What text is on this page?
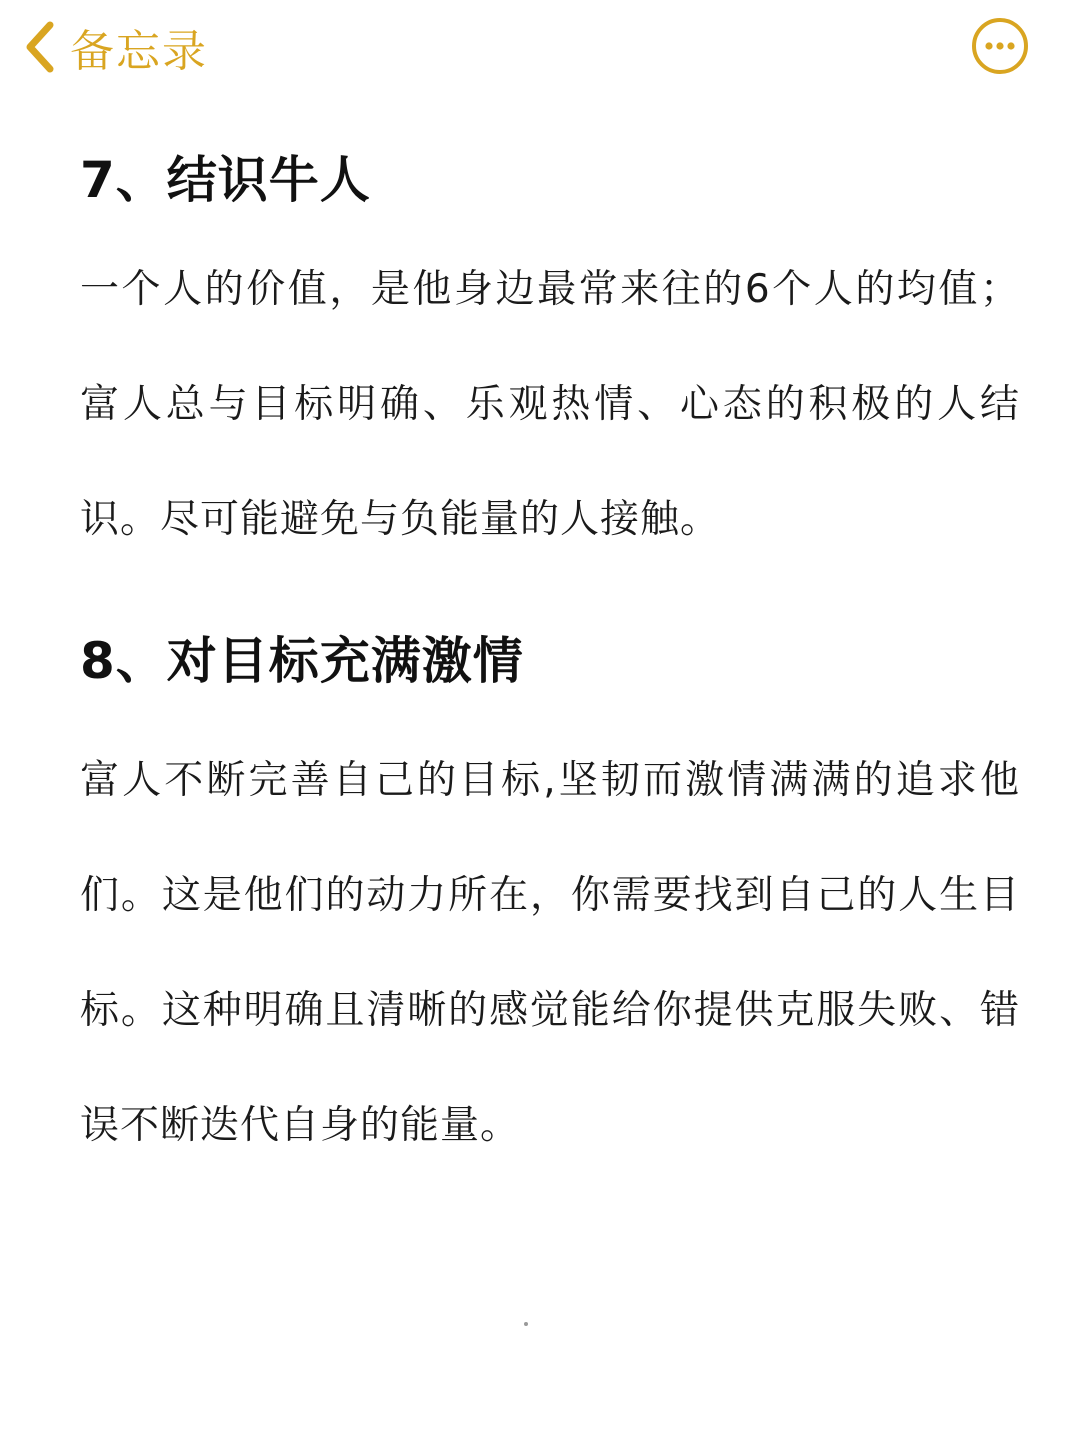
备忘录
7、结识牛人

一个人的价值，是他身边最常来往的6个人的均值；富人总与目标明确、乐观热情、心态的积极的人结识。尽可能避免与负能量的人接触。

8、对目标充满激情

富人不断完善自己的目标,坚韧而激情满满的追求他们。这是他们的动力所在，你需要找到自己的人生目标。这种明确且清晰的感觉能给你提供克服失败、错误不断迭代自身的能量。
